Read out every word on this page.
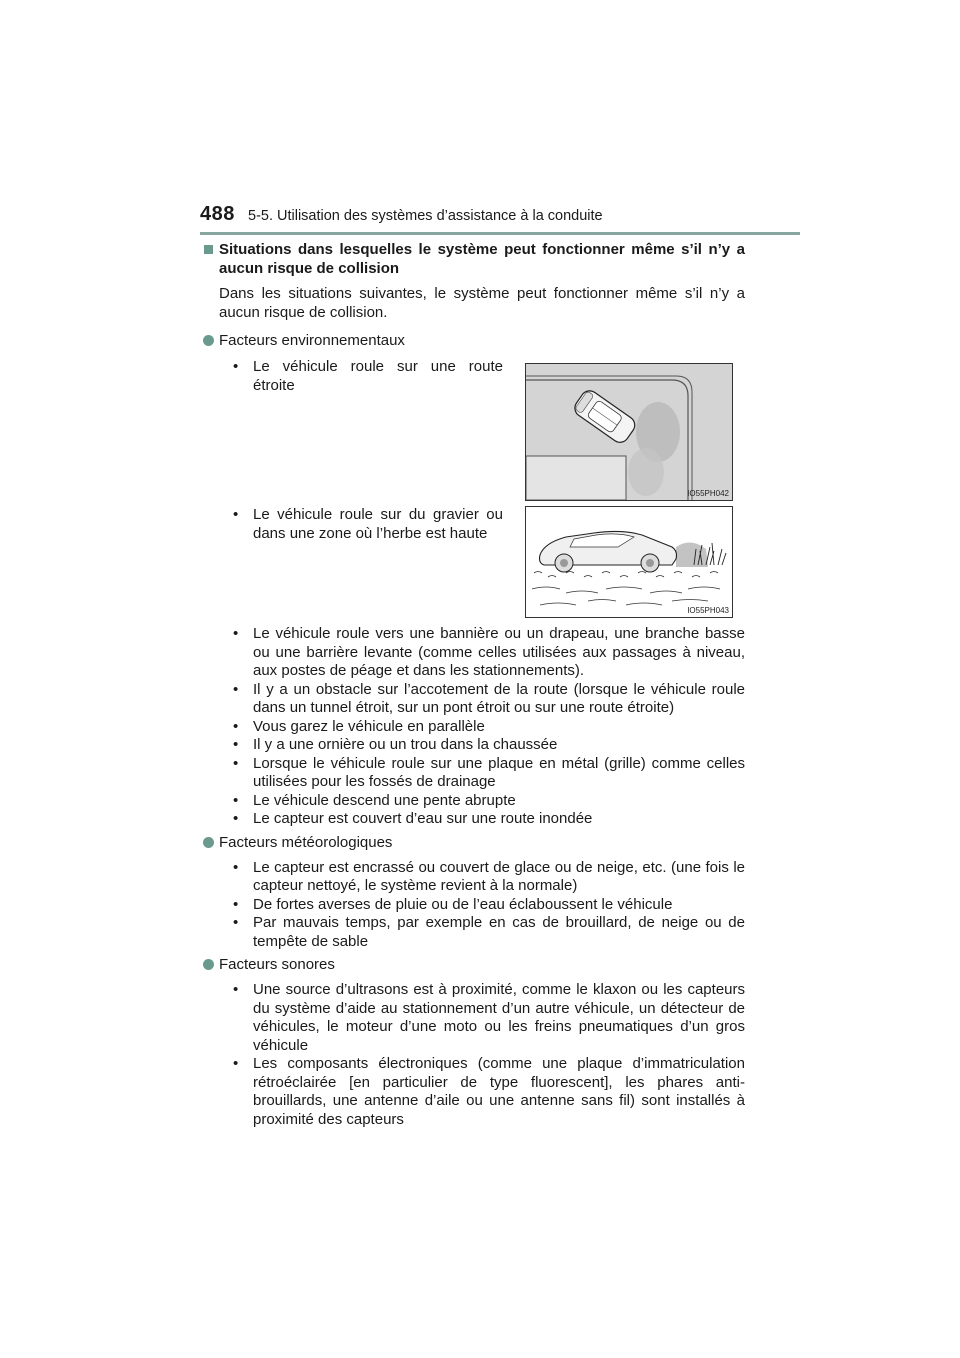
488 5-5. Utilisation des systèmes d’assistance à la conduite
Situations dans lesquelles le système peut fonctionner même s’il n’y a aucun risque de collision
Dans les situations suivantes, le système peut fonctionner même s’il n’y a aucun risque de collision.
Facteurs environnementaux
• Le véhicule roule sur une route étroite
IO55PH042
• Le véhicule roule sur du gravier ou dans une zone où l’herbe est haute
IO55PH043
• Le véhicule roule vers une bannière ou un drapeau, une branche basse ou une barrière levante (comme celles utilisées aux passages à niveau, aux postes de péage et dans les stationnements).
• Il y a un obstacle sur l’accotement de la route (lorsque le véhicule roule dans un tunnel étroit, sur un pont étroit ou sur une route étroite)
• Vous garez le véhicule en parallèle
• Il y a une ornière ou un trou dans la chaussée
• Lorsque le véhicule roule sur une plaque en métal (grille) comme celles utilisées pour les fossés de drainage
• Le véhicule descend une pente abrupte
• Le capteur est couvert d’eau sur une route inondée
Facteurs météorologiques
• Le capteur est encrassé ou couvert de glace ou de neige, etc. (une fois le capteur nettoyé, le système revient à la normale)
• De fortes averses de pluie ou de l’eau éclaboussent le véhicule
• Par mauvais temps, par exemple en cas de brouillard, de neige ou de tempête de sable
Facteurs sonores
• Une source d’ultrasons est à proximité, comme le klaxon ou les capteurs du système d’aide au stationnement d’un autre véhicule, un détecteur de véhicules, le moteur d’une moto ou les freins pneumatiques d’un gros véhicule
• Les composants électroniques (comme une plaque d’immatriculation rétroéclairée [en particulier de type fluorescent], les phares anti-brouillards, une antenne d’aile ou une antenne sans fil) sont installés à proximité des capteurs
